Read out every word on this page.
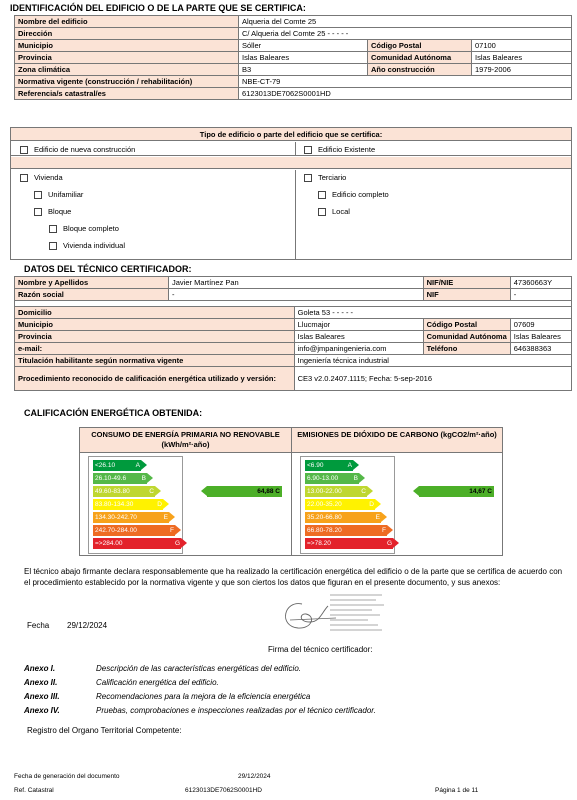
IDENTIFICACIÓN DEL EDIFICIO O DE LA PARTE QUE SE CERTIFICA:
Nombre del edificio	Alqueria del Comte 25		
Dirección	C/ Alqueria del Comte 25 - - - - -		
Municipio	Sóller	Código Postal	07100
Provincia	Islas Baleares	Comunidad Autónoma	Islas Baleares
Zona climática	B3	Año construcción	1979-2006
Normativa vigente (construcción / rehabilitación)	NBE-CT-79		
Referencia/s catastral/es	6123013DE7062S0001HD		
Tipo de edificio o parte del edificio que se certifica:
Edificio de nueva construcción	Edificio Existente
Vivienda
Unifamiliar
Bloque
Bloque completo
Vivienda individual
Terciario
Edificio completo
Local
DATOS DEL TÉCNICO CERTIFICADOR:
Nombre y Apellidos	Javier Martínez Pan		NIF/NIE	47360663Y
Razón social	-		NIF	-

Domicilio		Goleta 53 - - - - -		
Municipio		Llucmajor	Código Postal	07609
Provincia		Islas Baleares	Comunidad Autónoma	Islas Baleares
e-mail:		info@jmpaningenieria.com	Teléfono	646388363
Titulación habilitante según normativa vigente		Ingeniería técnica industrial		
Procedimiento reconocido de calificación energética utilizado y versión:		CE3 v2.0.2407.1115; Fecha: 5-sep-2016		
CALIFICACIÓN ENERGÉTICA OBTENIDA:
CONSUMO DE ENERGÍA PRIMARIA NO RENOVABLE (kWh/m²·año)
EMISIONES DE DIÓXIDO DE CARBONO (kgCO2/m²·año)
<26.10	A
26.10-49.6 B
49.60-83.80	C
83.80-134.30	D
134.30-242.70	E
242.70-284.00	F
=>284.00	G
<6.90	A
6.90-13.00 B
13.00-22.00	C
22.00-35.20	D
35.20-66.80	E
66.80-78.20	F
=>78.20	G
64,88 C	14,67 C
El técnico abajo firmante declara responsablemente que ha realizado la certificación energética del edificio o de la parte que se certifica de acuerdo con el procedimiento establecido por la normativa vigente y que son ciertos los datos que figuran en el presente documento, y sus anexos:
Fecha 29/12/2024
Firma del técnico certificador:
Anexo I.	Descripción de las características energéticas del edificio.
Anexo II.	Calificación energética del edificio.
Anexo III.	Recomendaciones para la mejora de la eficiencia energética
Anexo IV.	Pruebas, comprobaciones e inspecciones realizadas por el técnico certificador.
Registro del Organo Territorial Competente:
Fecha de generación del documento	29/12/2024
Ref. Catastral	6123013DE7062S0001HD	Página 1 de 11
